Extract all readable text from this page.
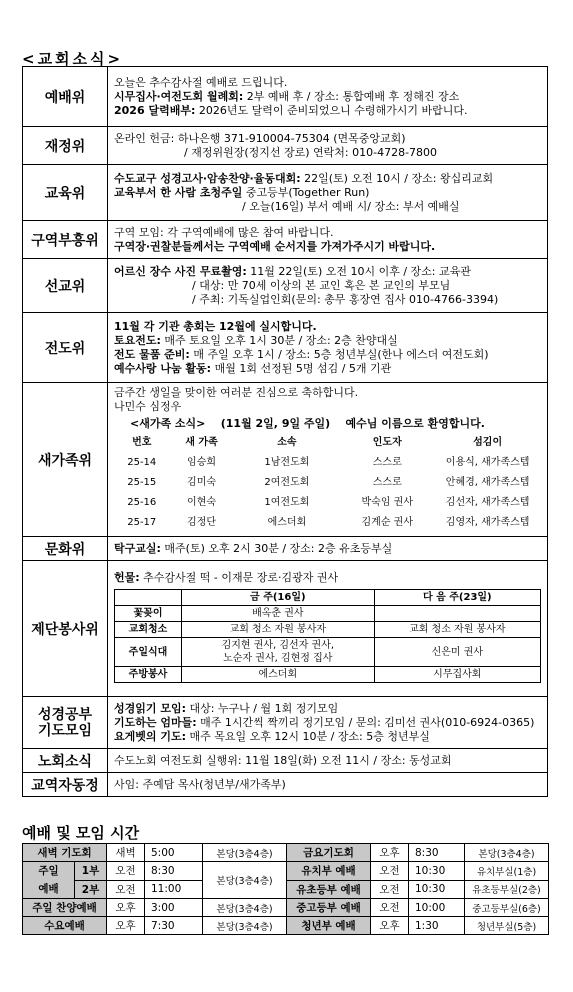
<교회소식>
예배위	
오늘은 추수감사절 예배로 드립니다.
시무집사·여전도회 월례회: 2부 예배 후 / 장소: 통합예배 후 정해진 장소
2026 달력배부: 2026년도 달력이 준비되었으니 수령해가시기 바랍니다.

재정위	
온라인 헌금: 하나은행 371-910004-75304 (면목중앙교회)
/ 재정위원장(정지선 장로) 연락처: 010-4728-7800

교육위	
수도교구 성경고사·암송찬양·율동대회: 22일(토) 오전 10시 / 장소: 왕십리교회
교육부서 한 사람 초청주일 중고등부(Together Run)
/ 오늘(16일) 부서 예배 시/ 장소: 부서 예배실

구역부흥위	
구역 모임: 각 구역예배에 많은 참여 바랍니다.
구역장·권찰분들께서는 구역예배 순서지를 가져가주시기 바랍니다.

선교위	
어르신 장수 사진 무료촬영: 11월 22일(토) 오전 10시 이후 / 장소: 교육관
/ 대상: 만 70세 이상의 본 교인 혹은 본 교인의 부모님
/ 주최: 기독실업인회(문의: 총무 홍장연 집사 010-4766-3394)

전도위	
11월 각 기관 총회는 12월에 실시합니다.
토요전도: 매주 토요일 오후 1시 30분 / 장소: 2층 찬양대실
전도 물품 준비: 매 주일 오후 1시 / 장소: 5층 청년부실(한나 에스더 여전도회)
예수사랑 나눔 활동: 매월 1회 선정된 5명 섬김 / 5개 기관

새가족위	
금주간 생일을 맞이한 여러분 진심으로 축하합니다.
나민수 심정우
<새가족 소식> (11월 2일, 9일 주일) 예수님 이름으로 환영합니다.
번호	새 가족	소속	인도자	섬김이
25-14	임승희	1남전도회	스스로	이용식, 새가족스텝
25-15	김미숙	2여전도회	스스로	안혜경, 새가족스텝
25-16	이현숙	1여전도회	박숙임 권사	김선자, 새가족스텝
25-17	김정단	에스더회	김계순 권사	김영자, 새가족스텝

문화위	탁구교실: 매주(토) 오후 2시 30분 / 장소: 2층 유초등부실

제단봉사위	
헌물: 추수감사절 떡 - 이재문 장로·김광자 권사
	금 주(16일)	다 음 주(23일)
꽃꽂이	배옥춘 권사	
교회청소	교회 청소 자원 봉사자	교회 청소 자원 봉사자
주일식대	김지현 권사, 김선자 권사,
노순자 권사, 김현정 집사	신은미 권사
주방봉사	에스더회	시무집사회

성경공부
기도모임

성경읽기 모임: 대상: 누구나 / 월 1회 정기모임
기도하는 엄마들: 매주 1시간씩 짝끼리 정기모임 / 문의: 김미선 권사(010-6924-0365)
요게벳의 기도: 매주 목요일 오후 12시 10분 / 장소: 5층 청년부실

노회소식	수도노회 여전도회 실행위: 11월 18일(화) 오전 11시 / 장소: 동성교회

교역자동정	사임: 주예담 목사(청년부/새가족부)
예배 및 모임 시간
새벽 기도회		새벽	5:00	본당(3층4층)	금요기도회	오후	8:30	본당(3층4층)
주일
예배	1부	오전	8:30	본당(3층4층)	유치부 예배	오전	10:30	유치부실(1층)
	2부	오전	11:00		유초등부 예배	오전	10:30	유초등부실(2층)
주일 찬양예배		오후	3:00	본당(3층4층)	중고등부 예배	오전	10:00	중고등부실(6층)
수요예배		오후	7:30	본당(3층4층)	청년부 예배	오후	1:30	청년부실(5층)
